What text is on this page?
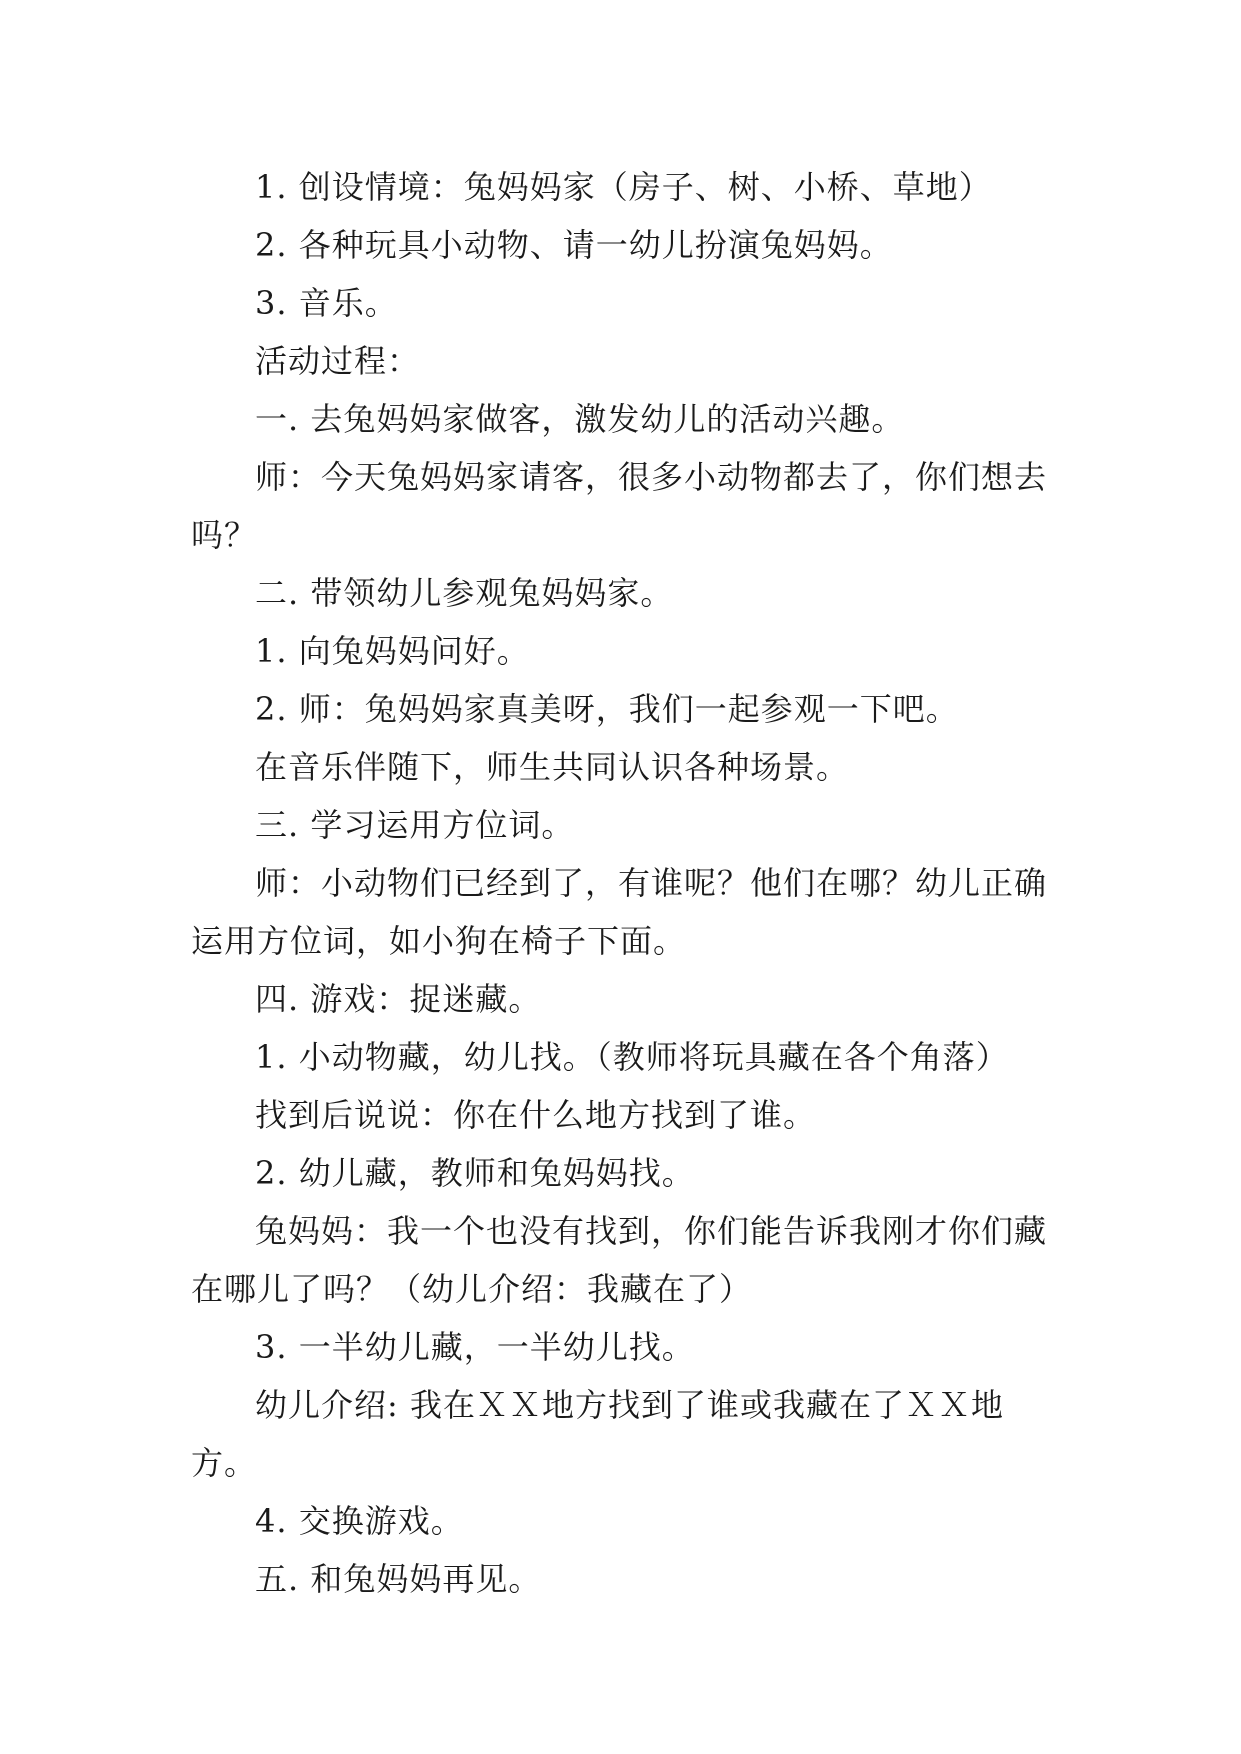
1. 创设情境：兔妈妈家（房子、树、小桥、草地）

2. 各种玩具小动物、请一幼儿扮演兔妈妈。

3. 音乐。

活动过程：

一. 去兔妈妈家做客，激发幼儿的活动兴趣。

师：今天兔妈妈家请客，很多小动物都去了，你们想去吗？

二. 带领幼儿参观兔妈妈家。

1. 向兔妈妈问好。

2. 师：兔妈妈家真美呀，我们一起参观一下吧。

在音乐伴随下，师生共同认识各种场景。

三. 学习运用方位词。

师：小动物们已经到了，有谁呢？他们在哪？幼儿正确运用方位词，如小狗在椅子下面。

四. 游戏：捉迷藏。

1. 小动物藏，幼儿找。（教师将玩具藏在各个角落）

找到后说说：你在什么地方找到了谁。

2. 幼儿藏，教师和兔妈妈找。

兔妈妈：我一个也没有找到，你们能告诉我刚才你们藏在哪儿了吗？（幼儿介绍：我藏在了）

3. 一半幼儿藏，一半幼儿找。

幼儿介绍: 我在ＸＸ地方找到了谁或我藏在了ＸＸ地方。

4. 交换游戏。

五. 和兔妈妈再见。
